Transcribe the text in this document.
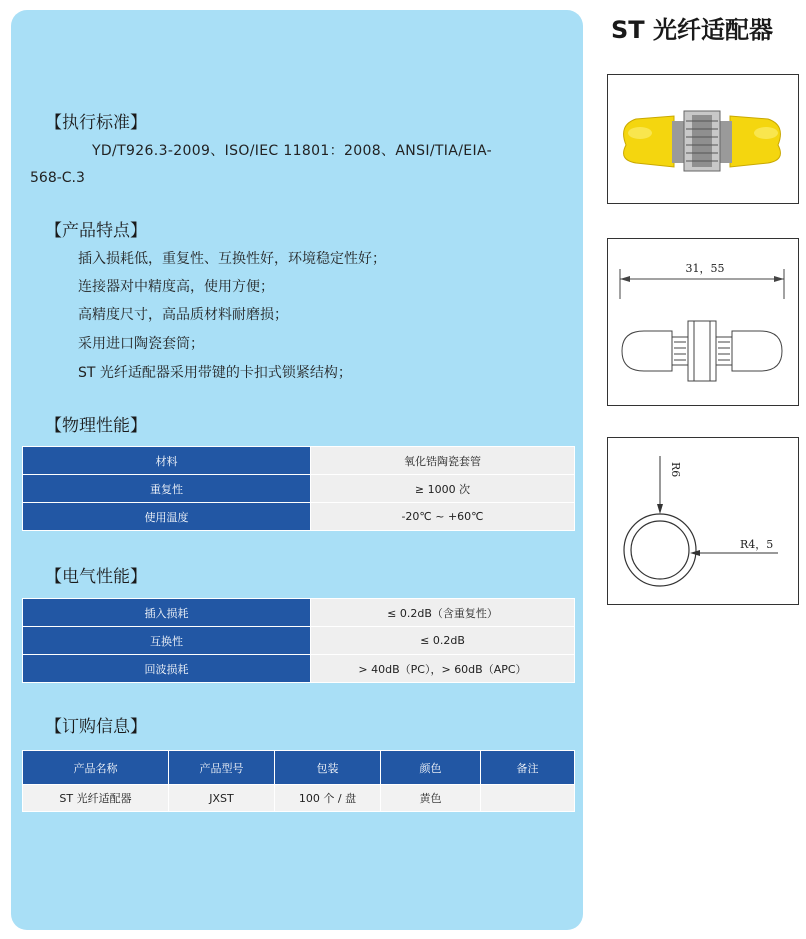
ST 光纤适配器
【执行标准】
YD/T926.3-2009、ISO/IEC 11801：2008、ANSI/TIA/EIA-
568-C.3
【产品特点】
插入损耗低，重复性、互换性好，环境稳定性好；
连接器对中精度高，使用方便；
高精度尺寸，高品质材料耐磨损；
采用进口陶瓷套筒；
ST 光纤适配器采用带键的卡扣式锁紧结构；
【物理性能】
材料	氧化锆陶瓷套管
重复性	≥ 1000 次
使用温度	-20℃ ~ +60℃
【电气性能】
插入损耗	≤ 0.2dB（含重复性）
互换性	≤ 0.2dB
回波损耗	> 40dB（PC），> 60dB（APC）
【订购信息】
产品名称	产品型号	包装	颜色	备注
ST 光纤适配器	JXST	100 个 / 盘	黄色	
31，55
R6
R4，5
